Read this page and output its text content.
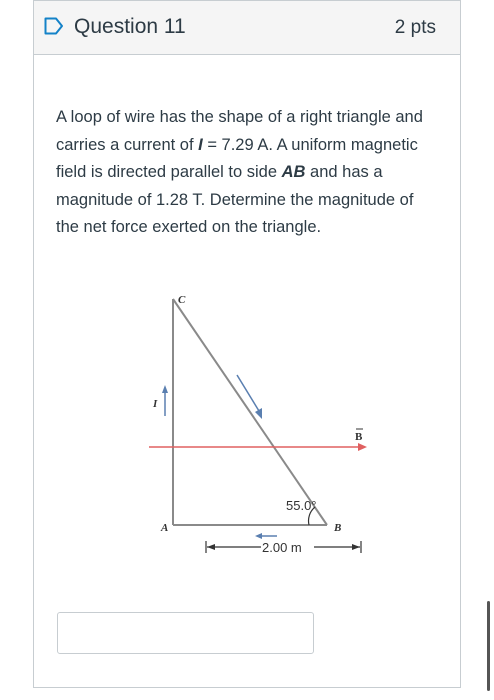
Question 11	2 pts
A loop of wire has the shape of a right triangle and carries a current of I = 7.29 A. A uniform magnetic field is directed parallel to side AB and has a magnitude of 1.28 T. Determine the magnitude of the net force exerted on the triangle.
C
A	B
I
B
55.0°
2.00 m
